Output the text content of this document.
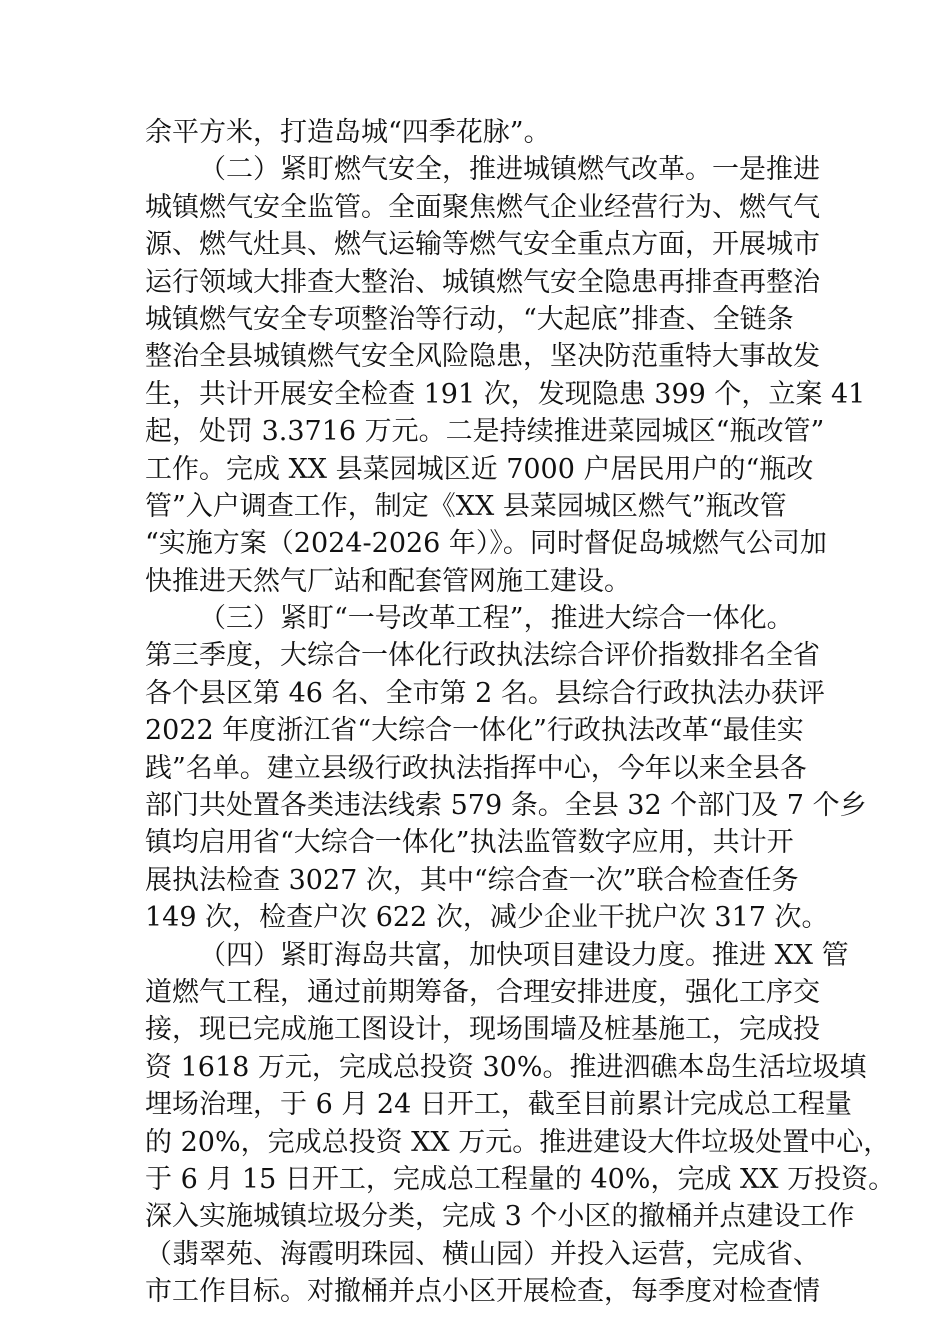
余平方米，打造岛城“四季花脉”。
（二）紧盯燃气安全，推进城镇燃气改革。一是推进
城镇燃气安全监管。全面聚焦燃气企业经营行为、燃气气
源、燃气灶具、燃气运输等燃气安全重点方面，开展城市
运行领域大排查大整治、城镇燃气安全隐患再排查再整治
城镇燃气安全专项整治等行动，“大起底”排查、全链条
整治全县城镇燃气安全风险隐患，坚决防范重特大事故发
生，共计开展安全检查 191 次，发现隐患 399 个，立案 41
起，处罚 3.3716 万元。二是持续推进菜园城区“瓶改管”
工作。完成 XX 县菜园城区近 7000 户居民用户的“瓶改
管”入户调查工作，制定《XX 县菜园城区燃气”瓶改管
“实施方案（2024-2026 年）》。同时督促岛城燃气公司加
快推进天然气厂站和配套管网施工建设。
（三）紧盯“一号改革工程”，推进大综合一体化。
第三季度，大综合一体化行政执法综合评价指数排名全省
各个县区第 46 名、全市第 2 名。县综合行政执法办获评
2022 年度浙江省“大综合一体化”行政执法改革“最佳实
践”名单。建立县级行政执法指挥中心，今年以来全县各
部门共处置各类违法线索 579 条。全县 32 个部门及 7 个乡
镇均启用省“大综合一体化”执法监管数字应用，共计开
展执法检查 3027 次，其中“综合查一次”联合检查任务
149 次，检查户次 622 次，减少企业干扰户次 317 次。
（四）紧盯海岛共富，加快项目建设力度。推进 XX 管
道燃气工程，通过前期筹备，合理安排进度，强化工序交
接，现已完成施工图设计，现场围墙及桩基施工，完成投
资 1618 万元，完成总投资 30%。推进泗礁本岛生活垃圾填
埋场治理，于 6 月 24 日开工，截至目前累计完成总工程量
的 20%，完成总投资 XX 万元。推进建设大件垃圾处置中心，
于 6 月 15 日开工，完成总工程量的 40%，完成 XX 万投资。
深入实施城镇垃圾分类，完成 3 个小区的撤桶并点建设工作
（翡翠苑、海霞明珠园、横山园）并投入运营，完成省、
市工作目标。对撤桶并点小区开展检查，每季度对检查情
